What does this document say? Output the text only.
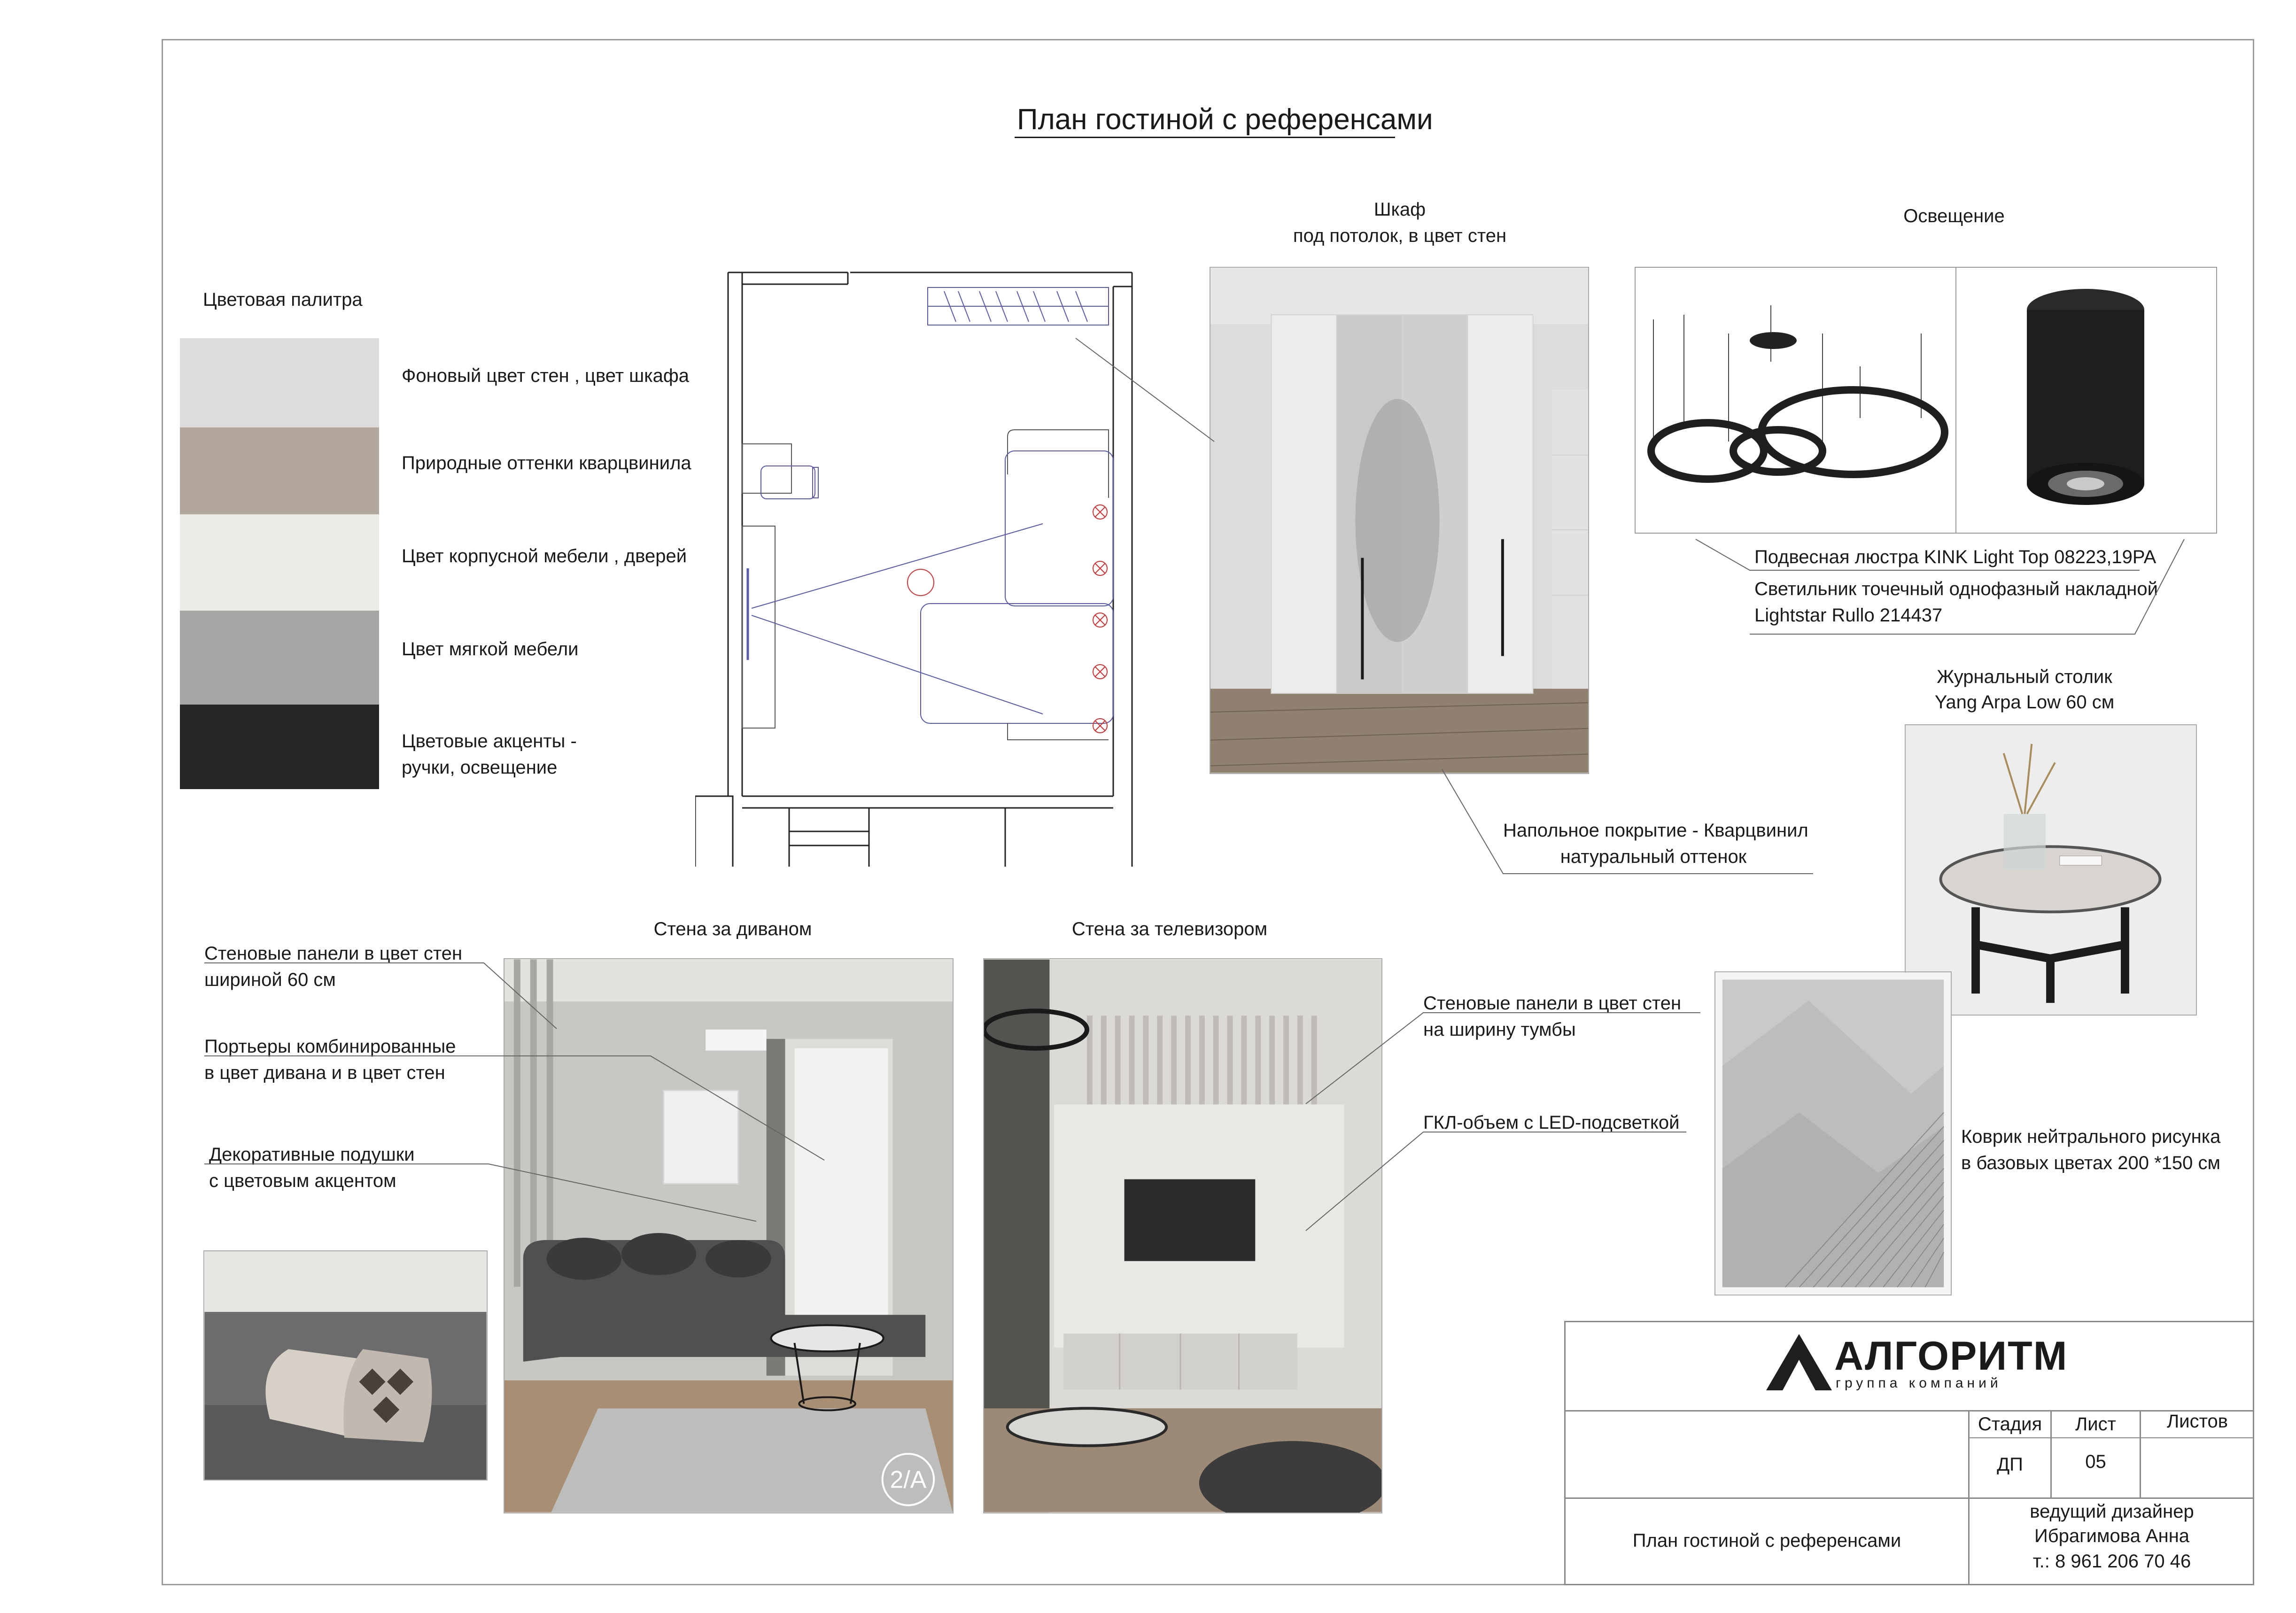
План гостиной с референсами
Цветовая палитра
Фоновый цвет стен , цвет шкафа
Природные оттенки кварцвинила
Цвет корпусной мебели , дверей
Цвет мягкой мебели
Цветовые акценты -
ручки, освещение
Шкаф
под потолок, в цвет стен
Освещение
Подвесная люстра KINK Light Top 08223,19PA
Светильник точечный однофазный накладной
Lightstar Rullo 214437
Журнальный столик
Yang Arpa Low 60 см
Коврик нейтрального рисунка
в базовых цветах 200 *150 см
Напольное покрытие - Кварцвинил
натуральный оттенок
Стена за диваном
Стеновые панели в цвет стен
шириной 60 см
Портьеры комбинированные
в цвет дивана и в цвет стен
Декоративные подушки
с цветовым акцентом
2/A
Стена за телевизором
Стеновые панели в цвет стен
на ширину тумбы
ГКЛ-объем с LED-подсветкой
АЛГОРИТМ
группа компаний
Стадия	Лист	Листов
ДП	05
План гостиной с референсами
ведущий дизайнер
Ибрагимова Анна
т.: 8 961 206 70 46
